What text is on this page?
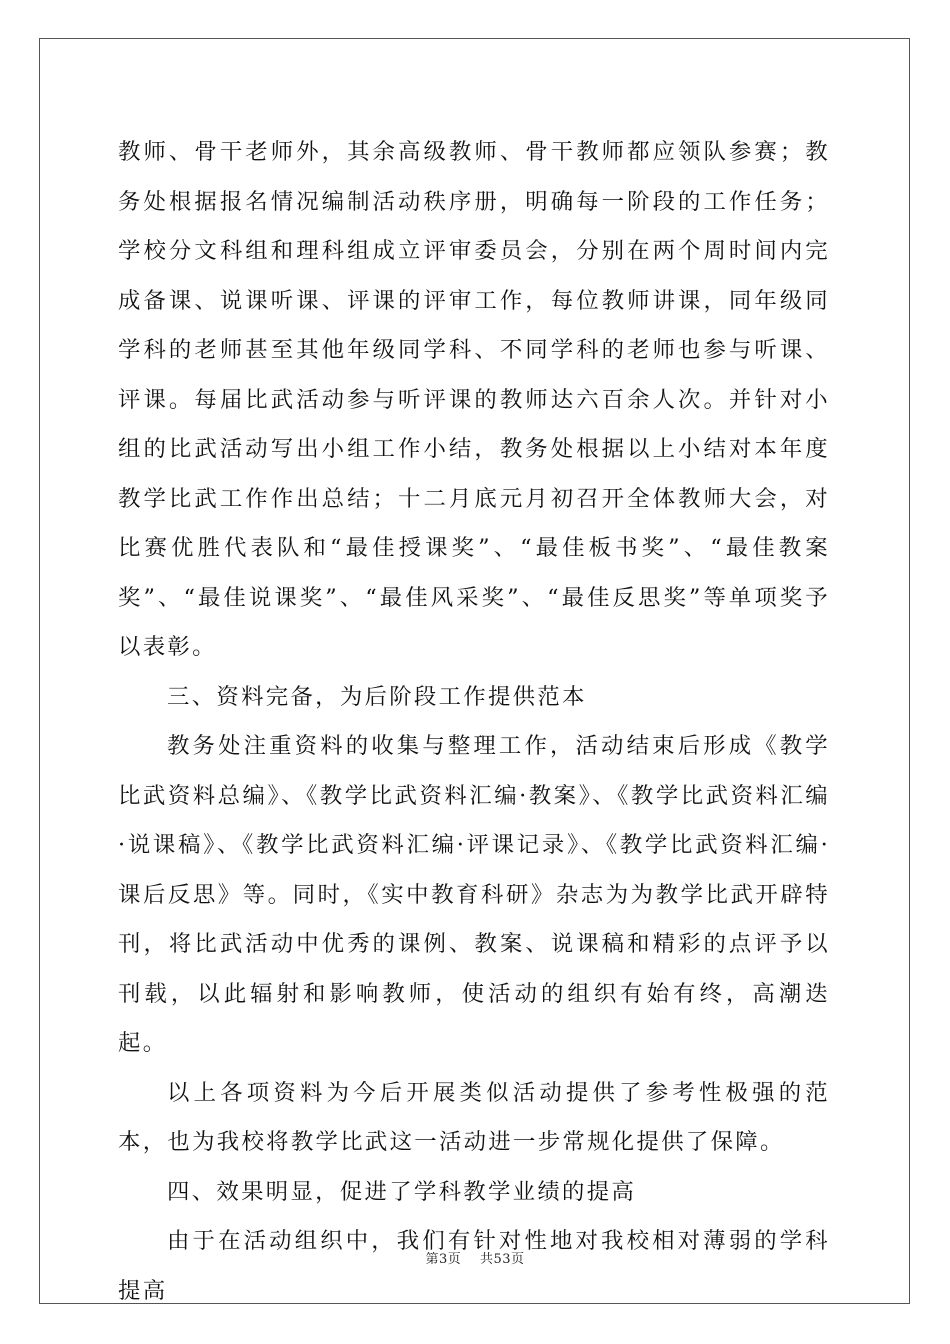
教师、骨干老师外，其余高级教师、骨干教师都应领队参赛；教务处根据报名情况编制活动秩序册，明确每一阶段的工作任务；学校分文科组和理科组成立评审委员会，分别在两个周时间内完成备课、说课听课、评课的评审工作，每位教师讲课，同年级同学科的老师甚至其他年级同学科、不同学科的老师也参与听课、评课。每届比武活动参与听评课的教师达六百余人次。并针对小组的比武活动写出小组工作小结，教务处根据以上小结对本年度教学比武工作作出总结；十二月底元月初召开全体教师大会，对比赛优胜代表队和“最佳授课奖”、“最佳板书奖”、“最佳教案奖”、“最佳说课奖”、“最佳风采奖”、“最佳反思奖”等单项奖予以表彰。

三、资料完备，为后阶段工作提供范本

教务处注重资料的收集与整理工作，活动结束后形成《教学比武资料总编》、《教学比武资料汇编·教案》、《教学比武资料汇编·说课稿》、《教学比武资料汇编·评课记录》、《教学比武资料汇编·课后反思》等。同时，《实中教育科研》杂志为为教学比武开辟特刊，将比武活动中优秀的课例、教案、说课稿和精彩的点评予以刊载，以此辐射和影响教师，使活动的组织有始有终，高潮迭起。

以上各项资料为今后开展类似活动提供了参考性极强的范本，也为我校将教学比武这一活动进一步常规化提供了保障。

四、效果明显，促进了学科教学业绩的提高

由于在活动组织中，我们有针对性地对我校相对薄弱的学科提高

第3页 共53页
